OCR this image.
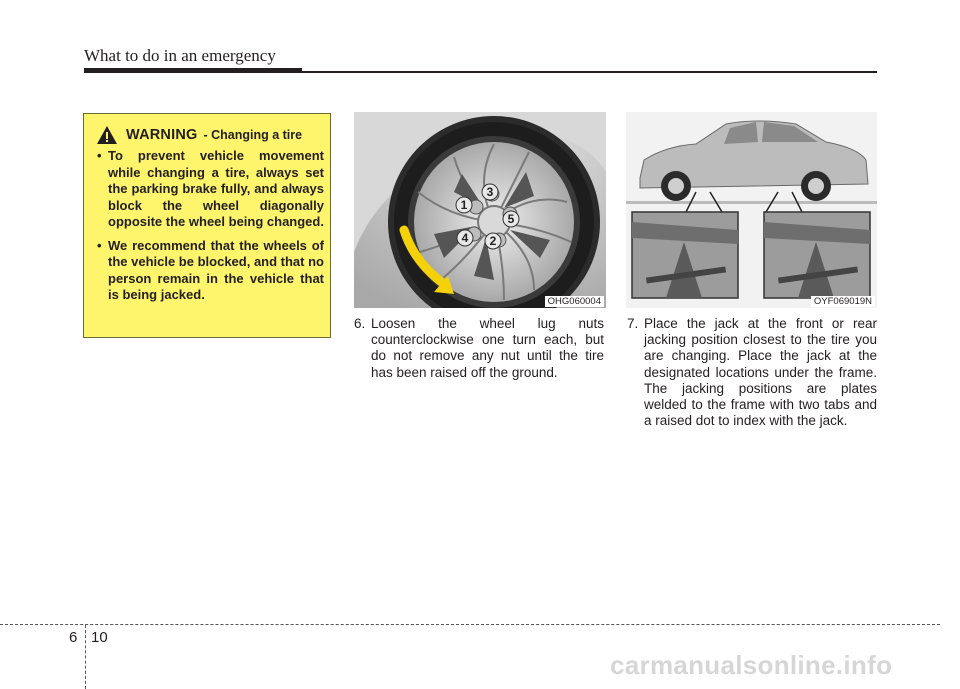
What to do in an emergency
WARNING - Changing a tire
• To prevent vehicle movement while changing a tire, always set the parking brake fully, and always block the wheel diagonally opposite the wheel being changed.
• We recommend that the wheels of the vehicle be blocked, and that no person remain in the vehicle that is being jacked.
1
2
3
4
5
OHG060004	OYF069019N
6. Loosen the wheel lug nuts counterclockwise one turn each, but do not remove any nut until the tire has been raised off the ground.
7. Place the jack at the front or rear jacking position closest to the tire you are changing. Place the jack at the designated locations under the frame. The jacking positions are plates welded to the frame with two tabs and a raised dot to index with the jack.
6 10
carmanualsonline.info
